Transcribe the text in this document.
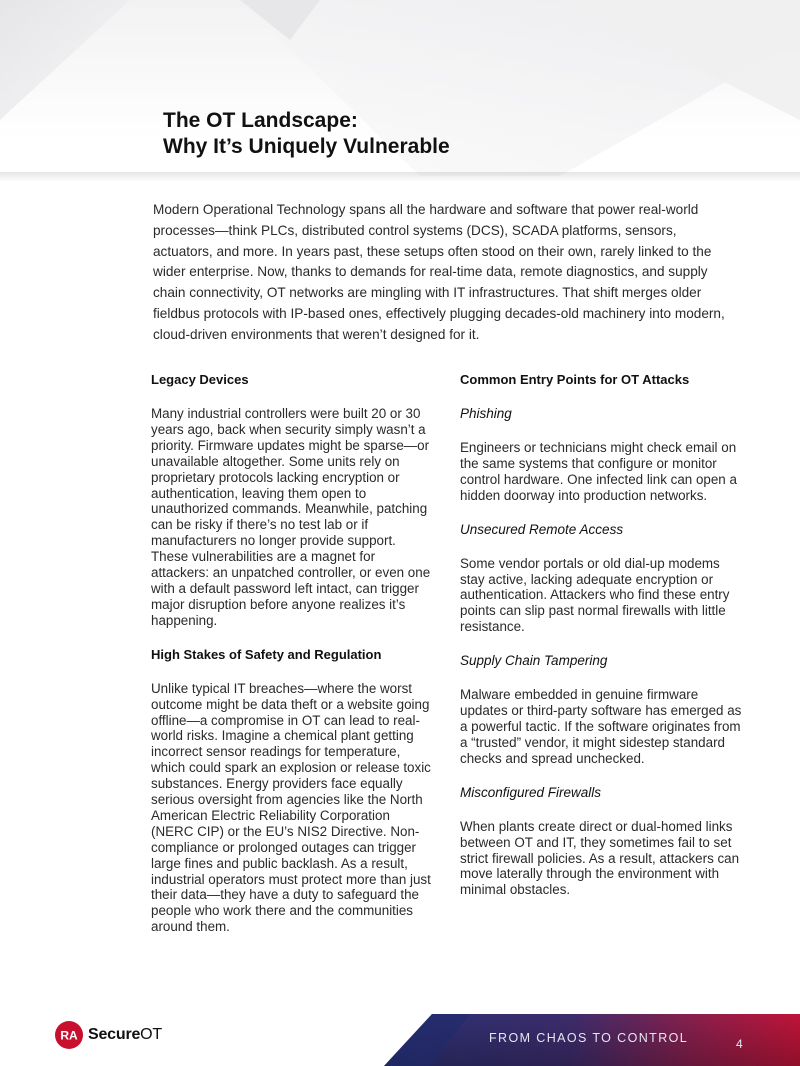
The OT Landscape:
Why It’s Uniquely Vulnerable

Modern Operational Technology spans all the hardware and software that power real-world processes—think PLCs, distributed control systems (DCS), SCADA platforms, sensors, actuators, and more. In years past, these setups often stood on their own, rarely linked to the wider enterprise. Now, thanks to demands for real-time data, remote diagnostics, and supply chain connectivity, OT networks are mingling with IT infrastructures. That shift merges older fieldbus protocols with IP-based ones, effectively plugging decades-old machinery into modern, cloud-driven environments that weren’t designed for it.

Legacy Devices

Many industrial controllers were built 20 or 30 years ago, back when security simply wasn’t a priority. Firmware updates might be sparse—or unavailable altogether. Some units rely on proprietary protocols lacking encryption or authentication, leaving them open to unauthorized commands. Meanwhile, patching can be risky if there’s no test lab or if manufacturers no longer provide support. These vulnerabilities are a magnet for attackers: an unpatched controller, or even one with a default password left intact, can trigger major disruption before anyone realizes it’s happening.

High Stakes of Safety and Regulation

Unlike typical IT breaches—where the worst outcome might be data theft or a website going offline—a compromise in OT can lead to real-world risks. Imagine a chemical plant getting incorrect sensor readings for temperature, which could spark an explosion or release toxic substances. Energy providers face equally serious oversight from agencies like the North American Electric Reliability Corporation (NERC CIP) or the EU’s NIS2 Directive. Non-compliance or prolonged outages can trigger large fines and public backlash. As a result, industrial operators must protect more than just their data—they have a duty to safeguard the people who work there and the communities around them.

Common Entry Points for OT Attacks
Phishing

Engineers or technicians might check email on the same systems that configure or monitor control hardware. One infected link can open a hidden doorway into production networks.

Unsecured Remote Access

Some vendor portals or old dial-up modems stay active, lacking adequate encryption or authentication. Attackers who find these entry points can slip past normal firewalls with little resistance.

Supply Chain Tampering

Malware embedded in genuine firmware updates or third-party software has emerged as a powerful tactic. If the software originates from a “trusted” vendor, it might sidestep standard checks and spread unchecked.

Misconfigured Firewalls

When plants create direct or dual-homed links between OT and IT, they sometimes fail to set strict firewall policies. As a result, attackers can move laterally through the environment with minimal obstacles.

RA SecureOT	FROM CHAOS TO CONTROL	4
